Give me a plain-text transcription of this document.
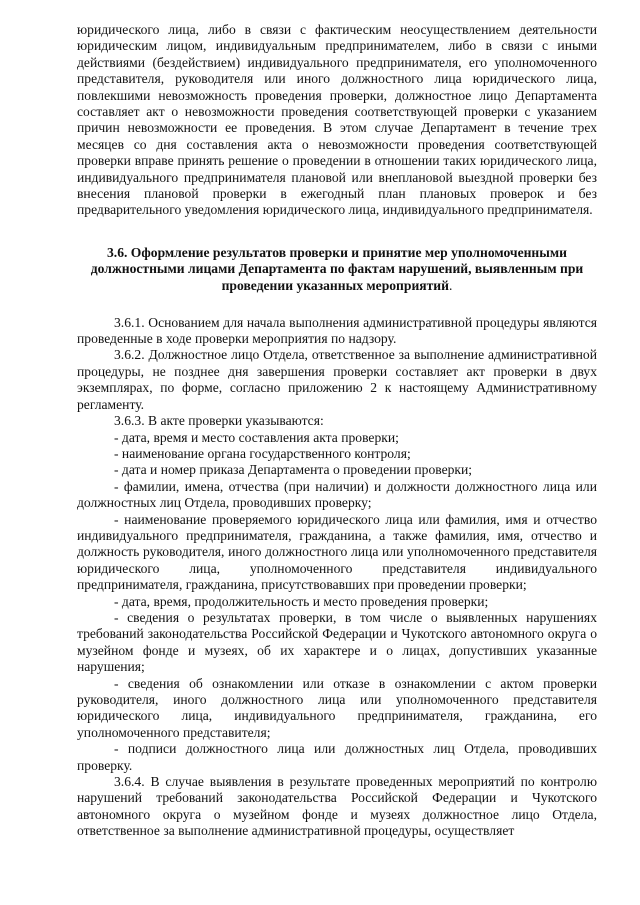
юридического лица, либо в связи с фактическим неосуществлением деятельности юридическим лицом, индивидуальным предпринимателем, либо в связи с иными действиями (бездействием) индивидуального предпринимателя, его уполномоченного представителя, руководителя или иного должностного лица юридического лица, повлекшими невозможность проведения проверки, должностное лицо Департамента составляет акт о невозможности проведения соответствующей проверки с указанием причин невозможности ее проведения. В этом случае Департамент в течение трех месяцев со дня составления акта о невозможности проведения соответствующей проверки вправе принять решение о проведении в отношении таких юридического лица, индивидуального предпринимателя плановой или внеплановой выездной проверки без внесения плановой проверки в ежегодный план плановых проверок и без предварительного уведомления юридического лица, индивидуального предпринимателя.

3.6. Оформление результатов проверки и принятие мер уполномоченными должностными лицами Департамента по фактам нарушений, выявленным при проведении указанных мероприятий.

3.6.1. Основанием для начала выполнения административной процедуры являются проведенные в ходе проверки мероприятия по надзору.

3.6.2. Должностное лицо Отдела, ответственное за выполнение административной процедуры, не позднее дня завершения проверки составляет акт проверки в двух экземплярах, по форме, согласно приложению 2 к настоящему Административному регламенту.

3.6.3. В акте проверки указываются:

- дата, время и место составления акта проверки;

- наименование органа государственного контроля;

- дата и номер приказа Департамента о проведении проверки;

- фамилии, имена, отчества (при наличии) и должности должностного лица или должностных лиц Отдела, проводивших проверку;

- наименование проверяемого юридического лица или фамилия, имя и отчество индивидуального предпринимателя, гражданина, а также фамилия, имя, отчество и должность руководителя, иного должностного лица или уполномоченного представителя юридического лица, уполномоченного представителя индивидуального предпринимателя, гражданина, присутствовавших при проведении проверки;

- дата, время, продолжительность и место проведения проверки;

- сведения о результатах проверки, в том числе о выявленных нарушениях требований законодательства Российской Федерации и Чукотского автономного округа о музейном фонде и музеях, об их характере и о лицах, допустивших указанные нарушения;

- сведения об ознакомлении или отказе в ознакомлении с актом проверки руководителя, иного должностного лица или уполномоченного представителя юридического лица, индивидуального предпринимателя, гражданина, его уполномоченного представителя;

- подписи должностного лица или должностных лиц Отдела, проводивших проверку.

3.6.4. В случае выявления в результате проведенных мероприятий по контролю нарушений требований законодательства Российской Федерации и Чукотского автономного округа о музейном фонде и музеях должностное лицо Отдела, ответственное за выполнение административной процедуры, осуществляет
